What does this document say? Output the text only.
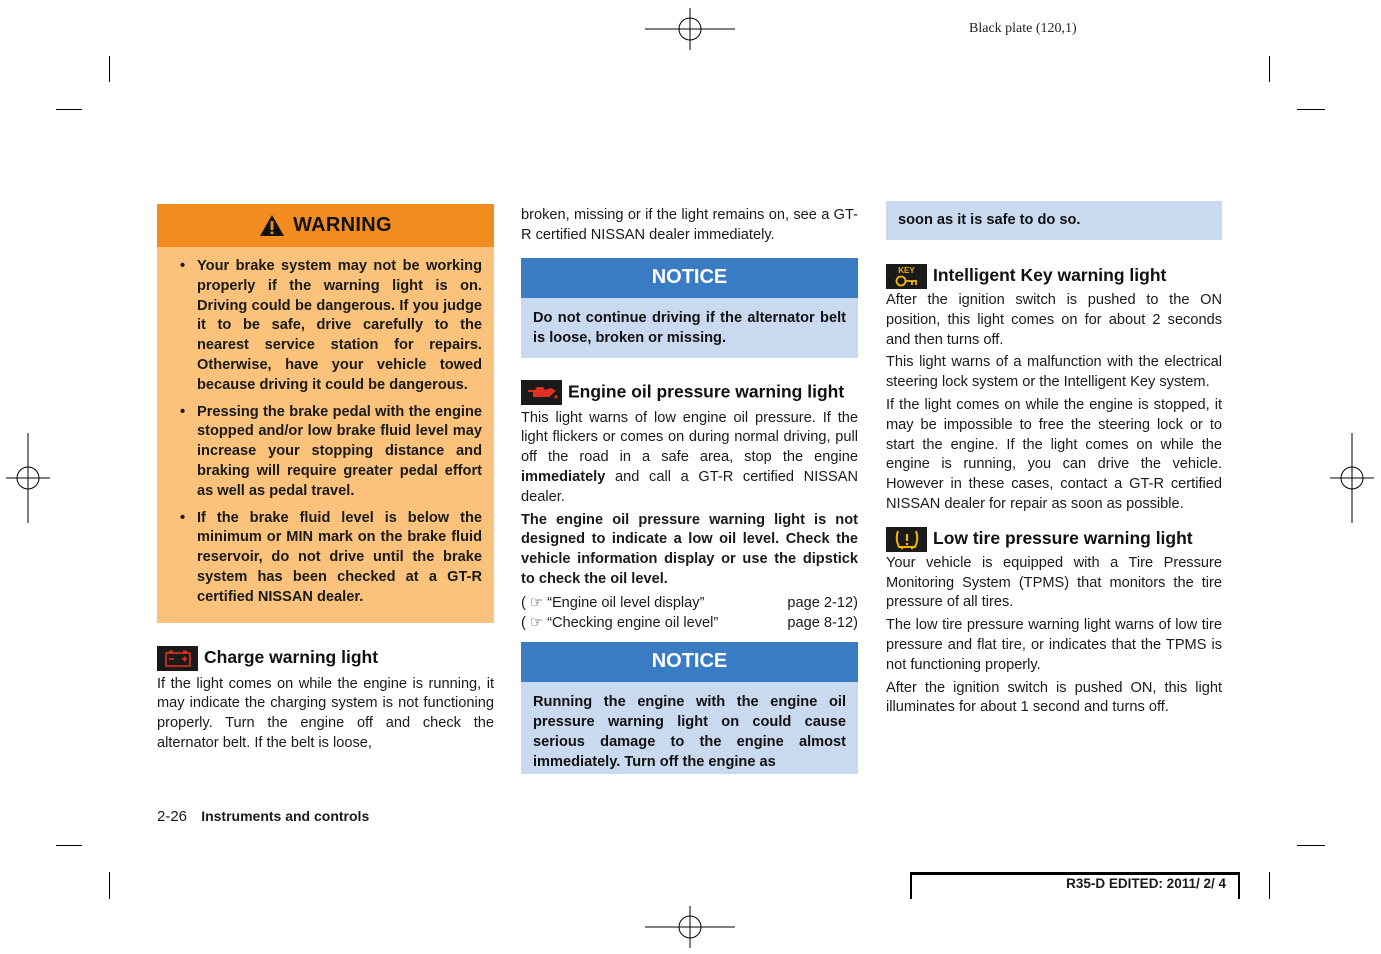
Black plate (120,1)
WARNING
• Your brake system may not be working properly if the warning light is on. Driving could be dangerous. If you judge it to be safe, drive carefully to the nearest service station for repairs. Otherwise, have your vehicle towed because driving it could be dangerous.
• Pressing the brake pedal with the engine stopped and/or low brake fluid level may increase your stopping distance and braking will require greater pedal effort as well as pedal travel.
• If the brake fluid level is below the minimum or MIN mark on the brake fluid reservoir, do not drive until the brake system has been checked at a GT-R certified NISSAN dealer.
Charge warning light

If the light comes on while the engine is running, it may indicate the charging system is not functioning properly. Turn the engine off and check the alternator belt. If the belt is loose,

broken, missing or if the light remains on, see a GT-R certified NISSAN dealer immediately.

NOTICE
Do not continue driving if the alternator belt is loose, broken or missing.
Engine oil pressure warning light

This light warns of low engine oil pressure. If the light flickers or comes on during normal driving, pull off the road in a safe area, stop the engine immediately and call a GT-R certified NISSAN dealer.

The engine oil pressure warning light is not designed to indicate a low oil level. Check the vehicle information display or use the dipstick to check the oil level.

( ☞ “Engine oil level display”	page 2-12)
( ☞ “Checking engine oil level”	page 8-12)
NOTICE
Running the engine with the engine oil pressure warning light on could cause serious damage to the engine almost immediately. Turn off the engine as
soon as it is safe to do so.
KEY Intelligent Key warning light

After the ignition switch is pushed to the ON position, this light comes on for about 2 seconds and then turns off.

This light warns of a malfunction with the electrical steering lock system or the Intelligent Key system.

If the light comes on while the engine is stopped, it may be impossible to free the steering lock or to start the engine. If the light comes on while the engine is running, you can drive the vehicle. However in these cases, contact a GT-R certified NISSAN dealer for repair as soon as possible.

Low tire pressure warning light

Your vehicle is equipped with a Tire Pressure Monitoring System (TPMS) that monitors the tire pressure of all tires.

The low tire pressure warning light warns of low tire pressure and flat tire, or indicates that the TPMS is not functioning properly.

After the ignition switch is pushed ON, this light illuminates for about 1 second and turns off.

2-26 Instruments and controls
R35-D EDITED: 2011/ 2/ 4
